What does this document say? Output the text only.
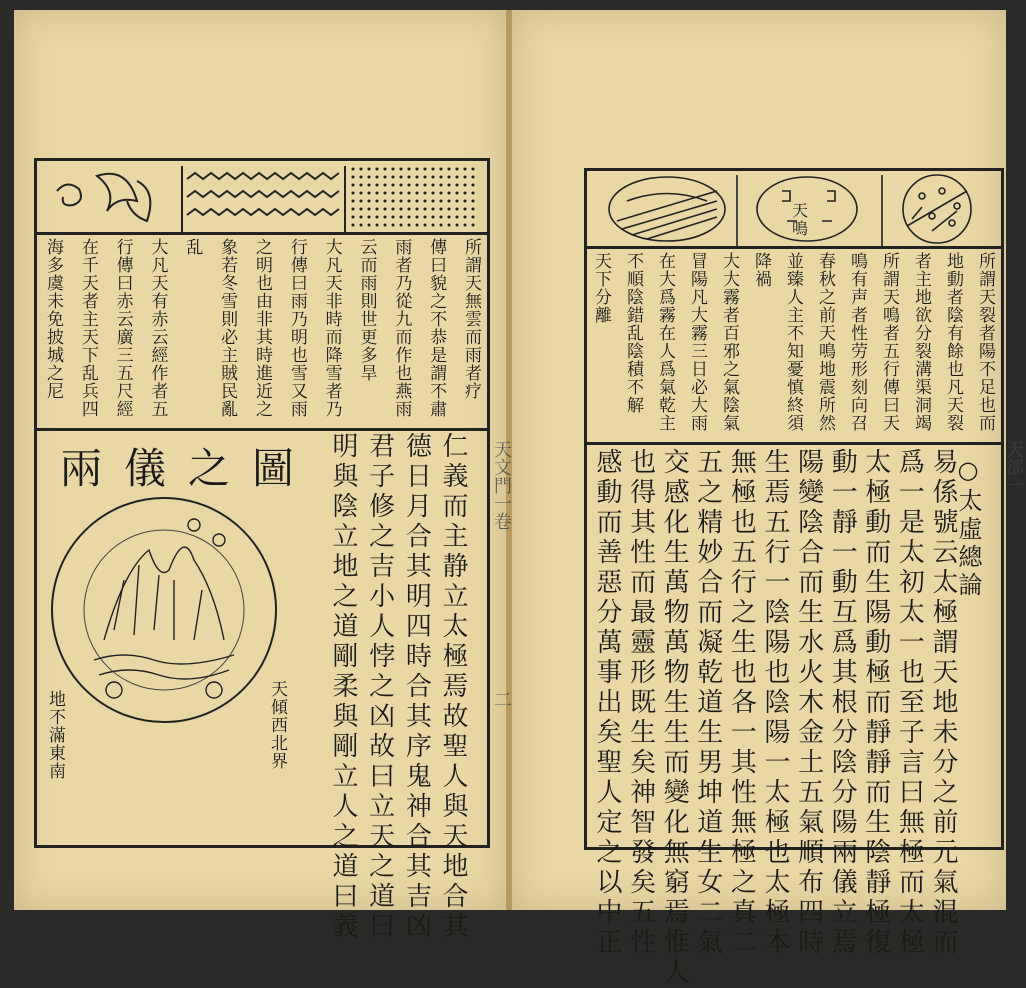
所謂天無雲而雨者疗
傳曰貌之不恭是謂不肅
雨者乃從九而作也燕雨
云而雨則世更多旱
大凡天非時而降雪者乃
行傳曰雨乃明也雪又雨
之明也由非其時進近之
象若冬雪則必主賊民亂
乱
大凡天有赤云經作者五
行傳曰赤云廣三五尺經
在千天者主天下乱兵四
海多虞未免披城之尼
兩儀之圖
天傾西北界
地不滿東南	仁義而主静立太極焉故聖人與天地合其
德日月合其明四時合其序鬼神合其吉凶
君子修之吉小人悖之凶故曰立天之道曰
明與陰立地之道剛柔與剛立人之道曰義	天文門一卷
二
天
鳴
所謂天裂者陽不足也而
地動者陰有餘也凡天裂
者主地欲分裂溝渠洞竭
所謂天鳴者五行傳曰天
鳴有声者性劳形刻向召
春秋之前天鳴地震所然
並臻人主不知憂慎終須
降禍
大大霧者百邪之氣陰氣
冒陽凡大霧三日必大雨
在大爲霧在人爲氣乾主
不順陰錯乱陰積不解
天下分離
○太虛總論
易係號云太極謂天地未分之前元氣混而
爲一是太初太一也至子言曰無極而太極
太極動而生陽動極而靜靜而生陰靜極復
動一靜一動互爲其根分陰分陽兩儀立焉
陽變陰合而生水火木金土五氣順布四時
生焉五行一陰陽也陰陽一太極也太極本
無極也五行之生也各一其性無極之真二
五之精妙合而凝乾道生男坤道生女二氣
交感化生萬物萬物生生而變化無窮焉惟人
也得其性而最靈形既生矣神智發矣五性
感動而善惡分萬事出矣聖人定之以中正	天部一
